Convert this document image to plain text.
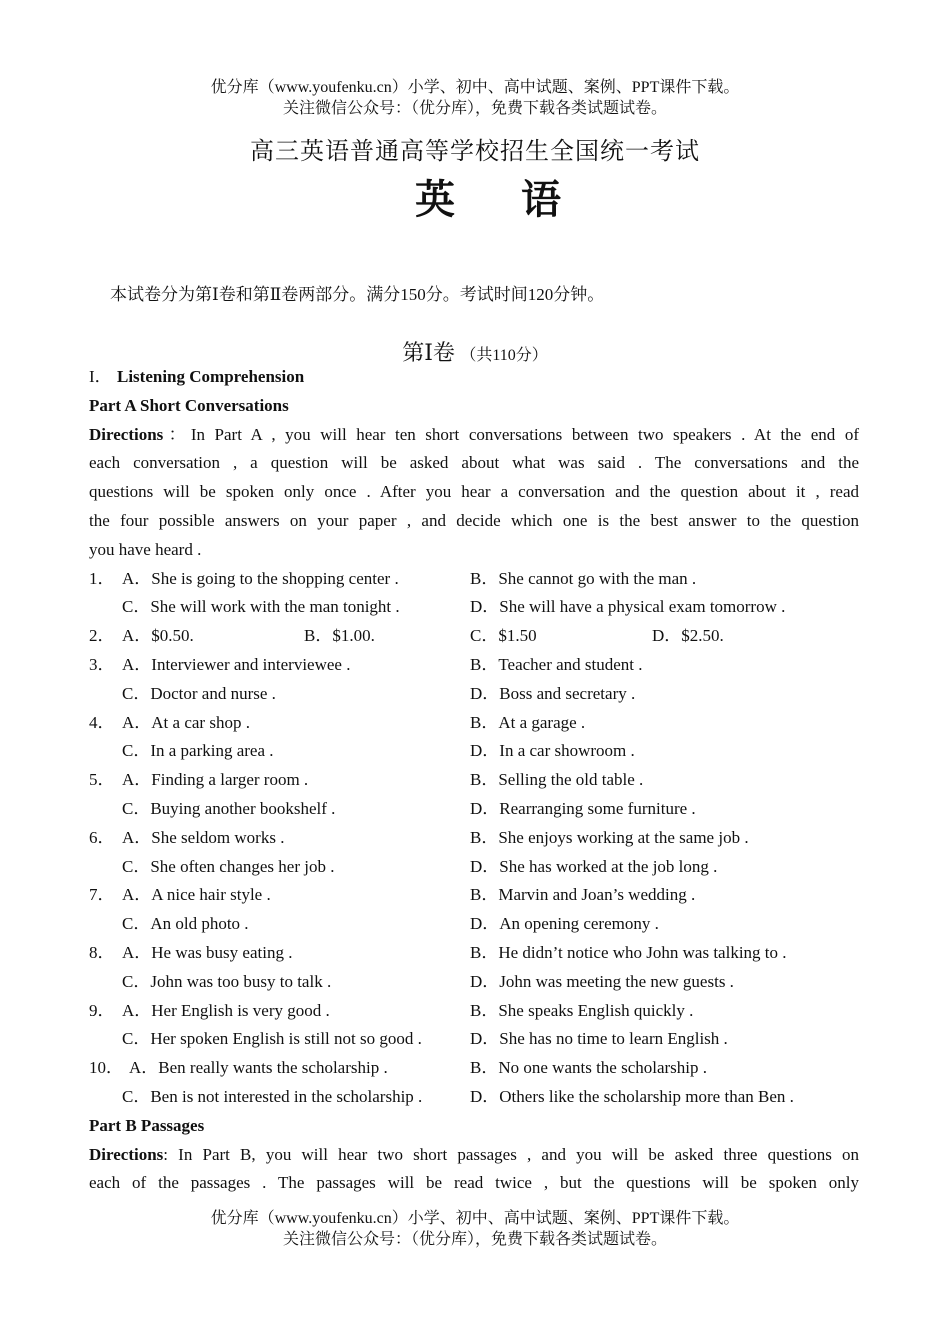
优分库（www.youfenku.cn）小学、初中、高中试题、案例、PPT课件下载。
关注微信公众号：（优分库），免费下载各类试题试卷。
高三英语普通高等学校招生全国统一考试
英 语
本试卷分为第Ⅰ卷和第Ⅱ卷两部分。满分150分。考试时间120分钟。
第Ⅰ卷 （共110分）
I． Listening Comprehension
Part A Short Conversations
Directions：In Part A , you will hear ten short conversations between two speakers . At the end of
each conversation , a question will be asked about what was said . The conversations and the
questions will be spoken only once . After you hear a conversation and the question about it , read
the four possible answers on your paper , and decide which one is the best answer to the question
you have heard .
1． A．She is going to the shopping center .	B．She cannot go with the man .
C．She will work with the man tonight .	D．She will have a physical exam tomorrow .
2． A．$0.50.	B．$1.00.	C．$1.50	D．$2.50.
3． A．Interviewer and interviewee .	B．Teacher and student .
C．Doctor and nurse .	D．Boss and secretary .
4． A．At a car shop .	B．At a garage .
C．In a parking area .	D．In a car showroom .
5． A．Finding a larger room .	B．Selling the old table .
C．Buying another bookshelf .	D．Rearranging some furniture .
6． A．She seldom works .	B．She enjoys working at the same job .
C．She often changes her job .	D．She has worked at the job long .
7． A．A nice hair style .	B．Marvin and Joan’s wedding .
C．An old photo .	D．An opening ceremony .
8． A．He was busy eating .	B．He didn’t notice who John was talking to .
C．John was too busy to talk .	D．John was meeting the new guests .
9． A．Her English is very good .	B．She speaks English quickly .
C．Her spoken English is still not so good .	D．She has no time to learn English .
10． A．Ben really wants the scholarship .	B．No one wants the scholarship .
C．Ben is not interested in the scholarship .	D．Others like the scholarship more than Ben .
Part B Passages
Directions: In Part B, you will hear two short passages , and you will be asked three questions on
each of the passages . The passages will be read twice , but the questions will be spoken only
优分库（www.youfenku.cn）小学、初中、高中试题、案例、PPT课件下载。
关注微信公众号：（优分库），免费下载各类试题试卷。
